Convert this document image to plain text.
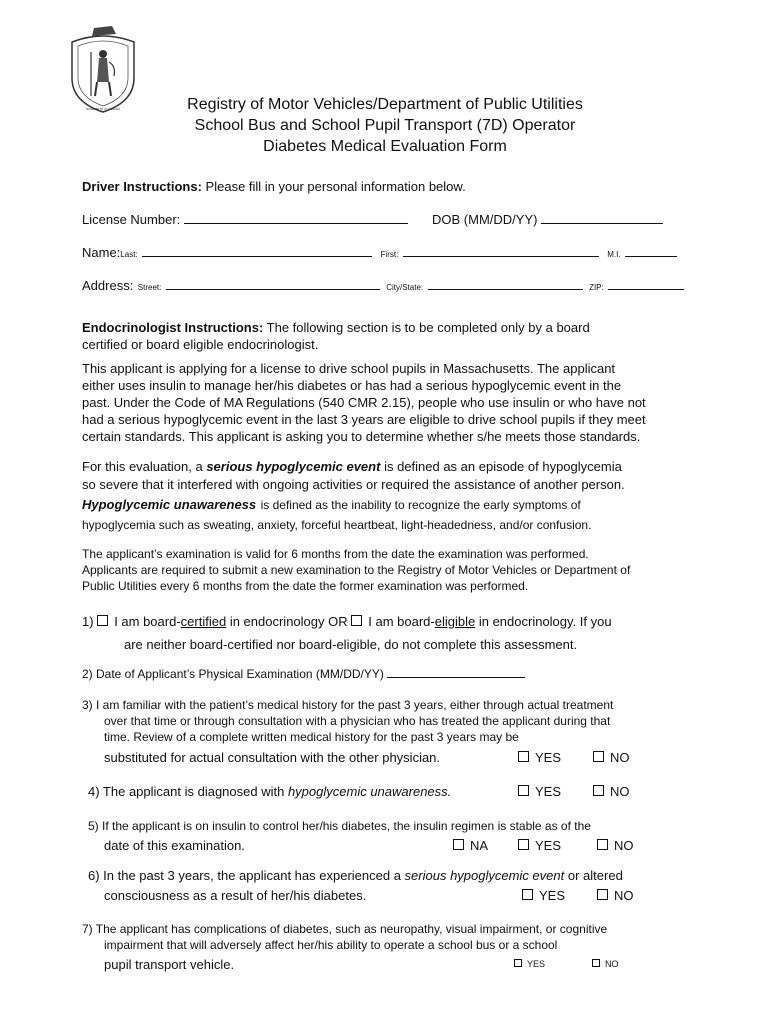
ENSE PETIT PLACIDAM	Registry of Motor Vehicles/Department of Public Utilities
School Bus and School Pupil Transport (7D) Operator
Diabetes Medical Evaluation Form
Driver Instructions: Please fill in your personal information below.
License Number:	DOB (MM/DD/YY)
Name:Last:	First:	M.I.
Address: Street:	City/State:	ZIP:
Endocrinologist Instructions: The following section is to be completed only by a board
certified or board eligible endocrinologist.
This applicant is applying for a license to drive school pupils in Massachusetts. The applicant
either uses insulin to manage her/his diabetes or has had a serious hypoglycemic event in the
past. Under the Code of MA Regulations (540 CMR 2.15), people who use insulin or who have not
had a serious hypoglycemic event in the last 3 years are eligible to drive school pupils if they meet
certain standards. This applicant is asking you to determine whether s/he meets those standards.
For this evaluation, a serious hypoglycemic event is defined as an episode of hypoglycemia
so severe that it interfered with ongoing activities or required the assistance of another person.
Hypoglycemic unawareness is defined as the inability to recognize the early symptoms of
hypoglycemia such as sweating, anxiety, forceful heartbeat, light-headedness, and/or confusion.
The applicant’s examination is valid for 6 months from the date the examination was performed.
Applicants are required to submit a new examination to the Registry of Motor Vehicles or Department of
Public Utilities every 6 months from the date the former examination was performed.
1) I am board-certified in endocrinology OR I am board-eligible in endocrinology. If you
are neither board-certified nor board-eligible, do not complete this assessment.
2) Date of Applicant’s Physical Examination (MM/DD/YY)
3) I am familiar with the patient’s medical history for the past 3 years, either through actual treatment
over that time or through consultation with a physician who has treated the applicant during that
time. Review of a complete written medical history for the past 3 years may be
substituted for actual consultation with the other physician.	YES	NO
4) The applicant is diagnosed with hypoglycemic unawareness.	YES	NO
5) If the applicant is on insulin to control her/his diabetes, the insulin regimen is stable as of the
date of this examination.	NA	YES	NO
6) In the past 3 years, the applicant has experienced a serious hypoglycemic event or altered
consciousness as a result of her/his diabetes.	YES	NO
7) The applicant has complications of diabetes, such as neuropathy, visual impairment, or cognitive
impairment that will adversely affect her/his ability to operate a school bus or a school
pupil transport vehicle.	YES	NO
